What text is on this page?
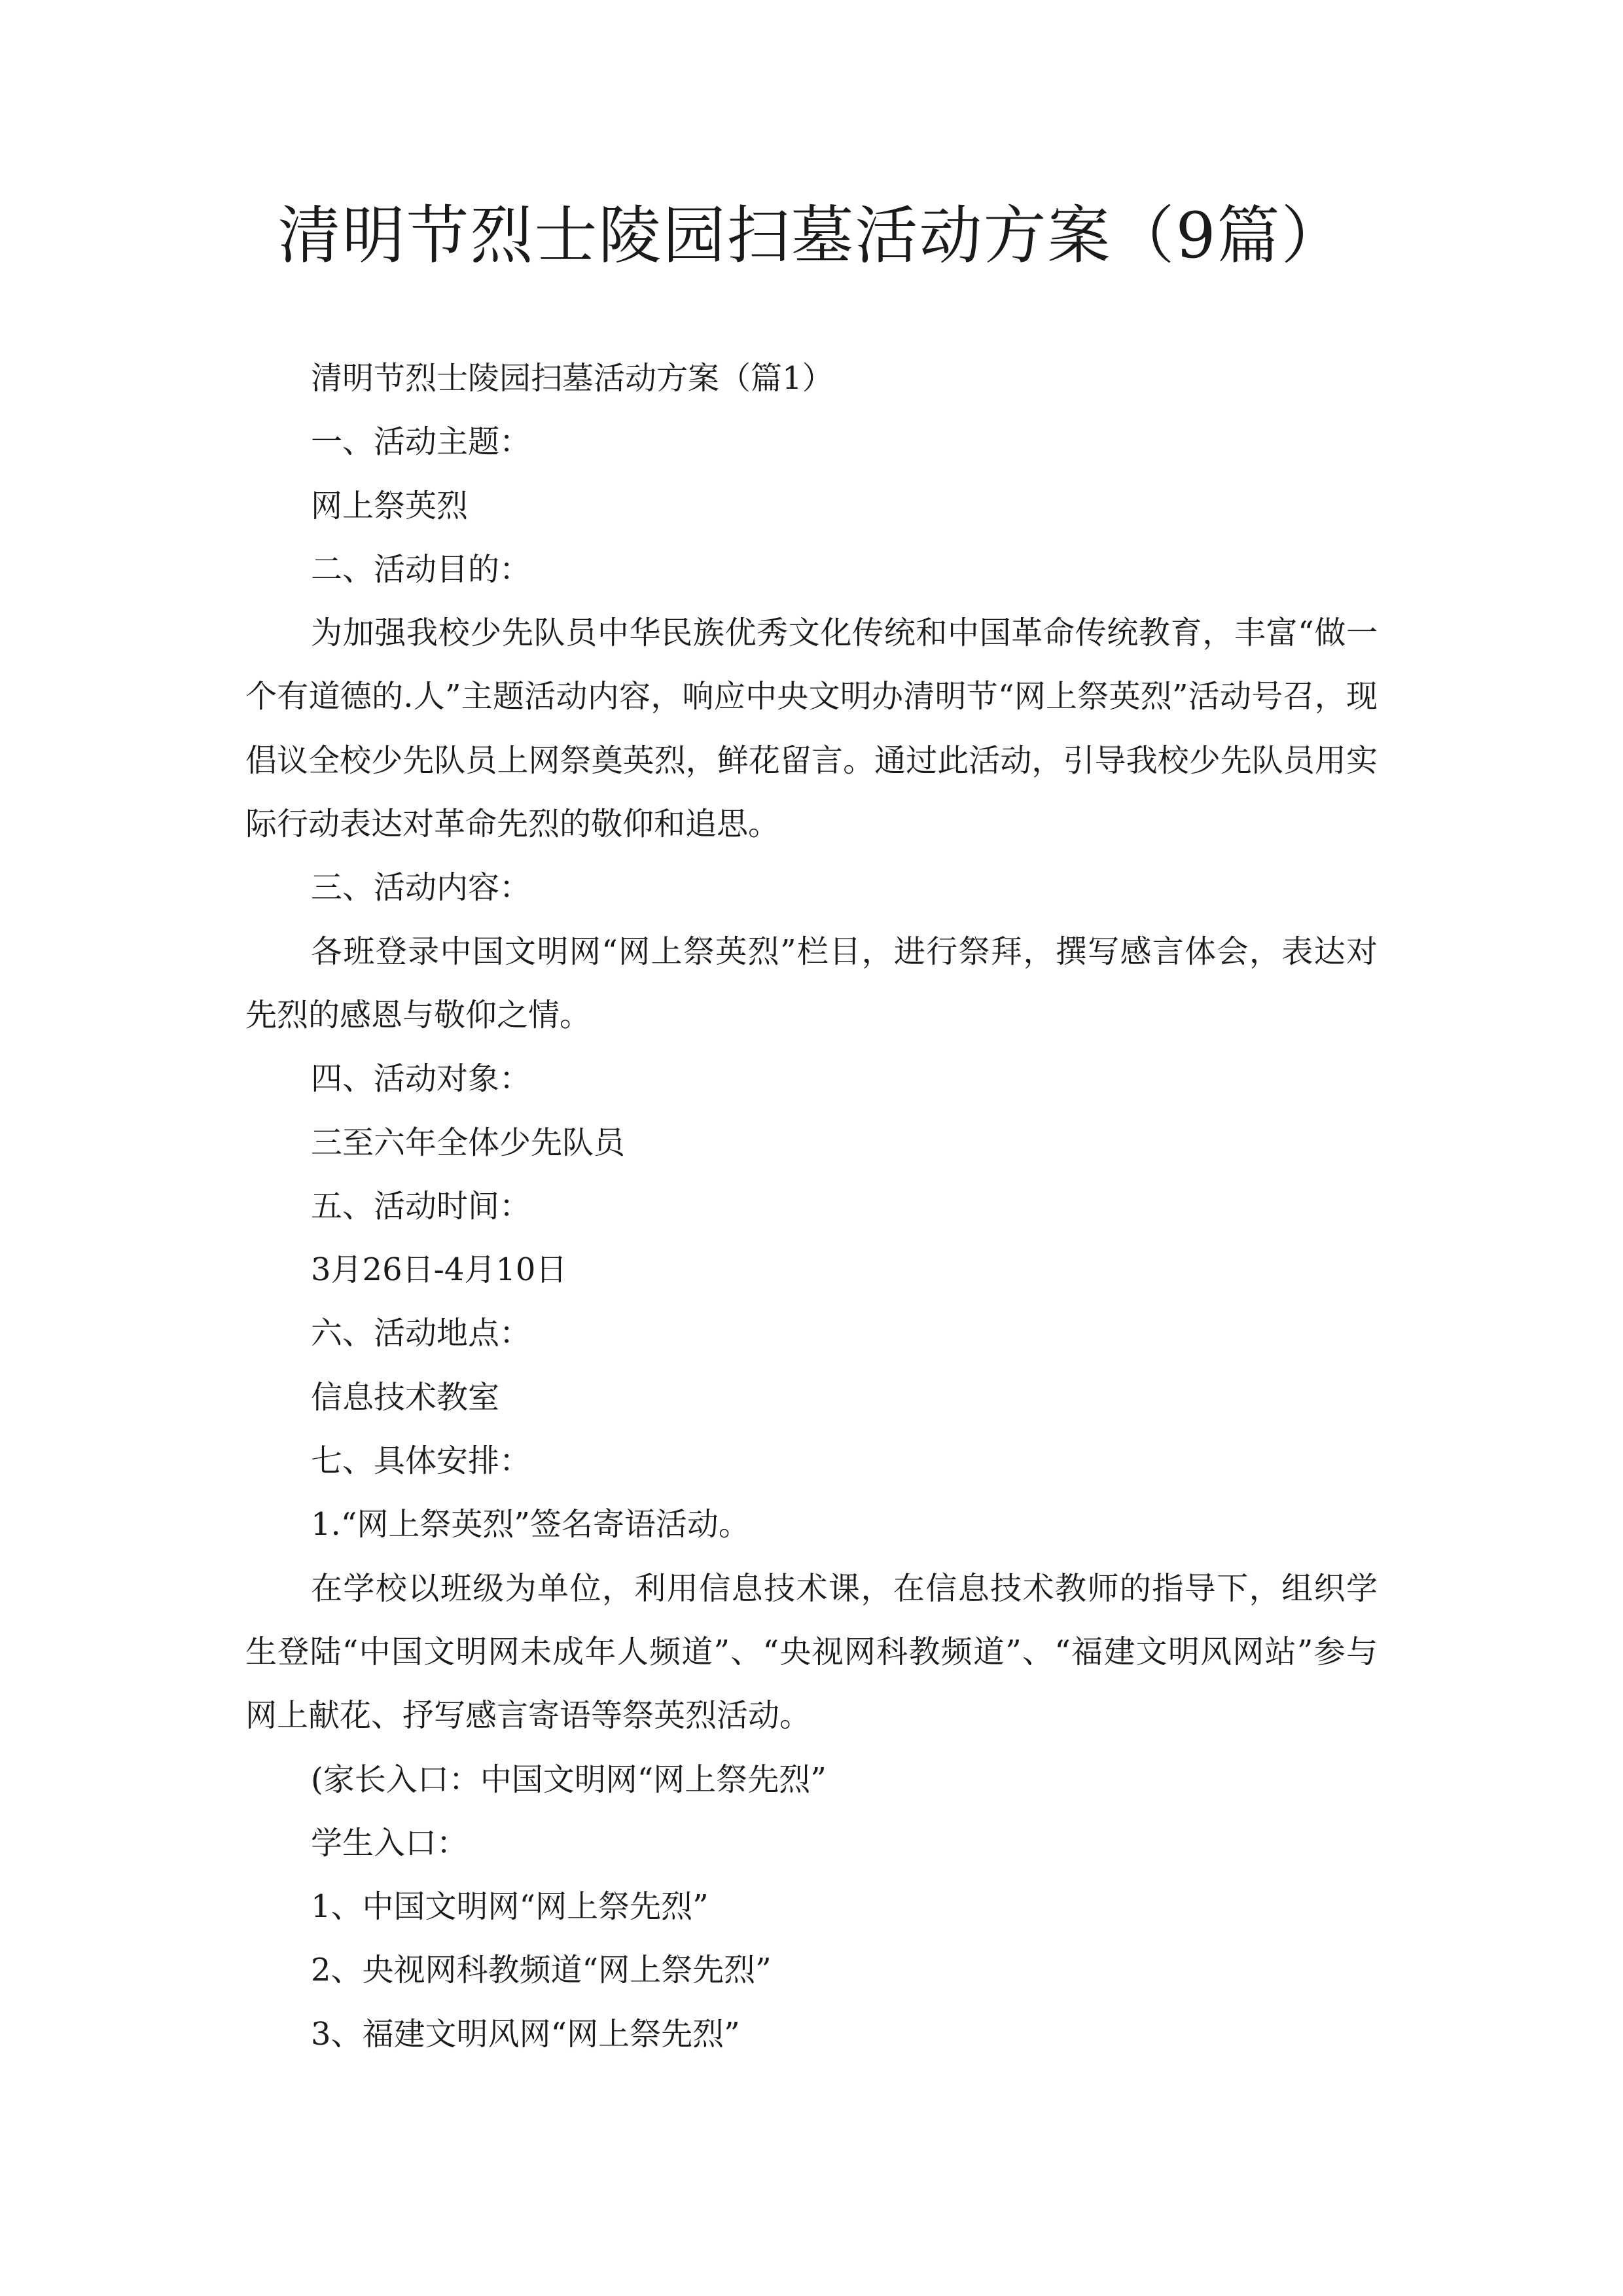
清明节烈士陵园扫墓活动方案（9篇）

清明节烈士陵园扫墓活动方案（篇1）

一、活动主题：

网上祭英烈

二、活动目的：

为加强我校少先队员中华民族优秀文化传统和中国革命传统教育，丰富“做一个有道德的.人”主题活动内容，响应中央文明办清明节“网上祭英烈”活动号召，现倡议全校少先队员上网祭奠英烈，鲜花留言。通过此活动，引导我校少先队员用实际行动表达对革命先烈的敬仰和追思。

三、活动内容：

各班登录中国文明网“网上祭英烈”栏目，进行祭拜，撰写感言体会，表达对先烈的感恩与敬仰之情。

四、活动对象：

三至六年全体少先队员

五、活动时间：

3月26日-4月10日

六、活动地点：

信息技术教室

七、具体安排：

1.“网上祭英烈”签名寄语活动。

在学校以班级为单位，利用信息技术课，在信息技术教师的指导下，组织学生登陆“中国文明网未成年人频道”、“央视网科教频道”、“福建文明风网站”参与网上献花、抒写感言寄语等祭英烈活动。

(家长入口：中国文明网“网上祭先烈”

学生入口：

1、中国文明网“网上祭先烈”

2、央视网科教频道“网上祭先烈”

3、福建文明风网“网上祭先烈”
